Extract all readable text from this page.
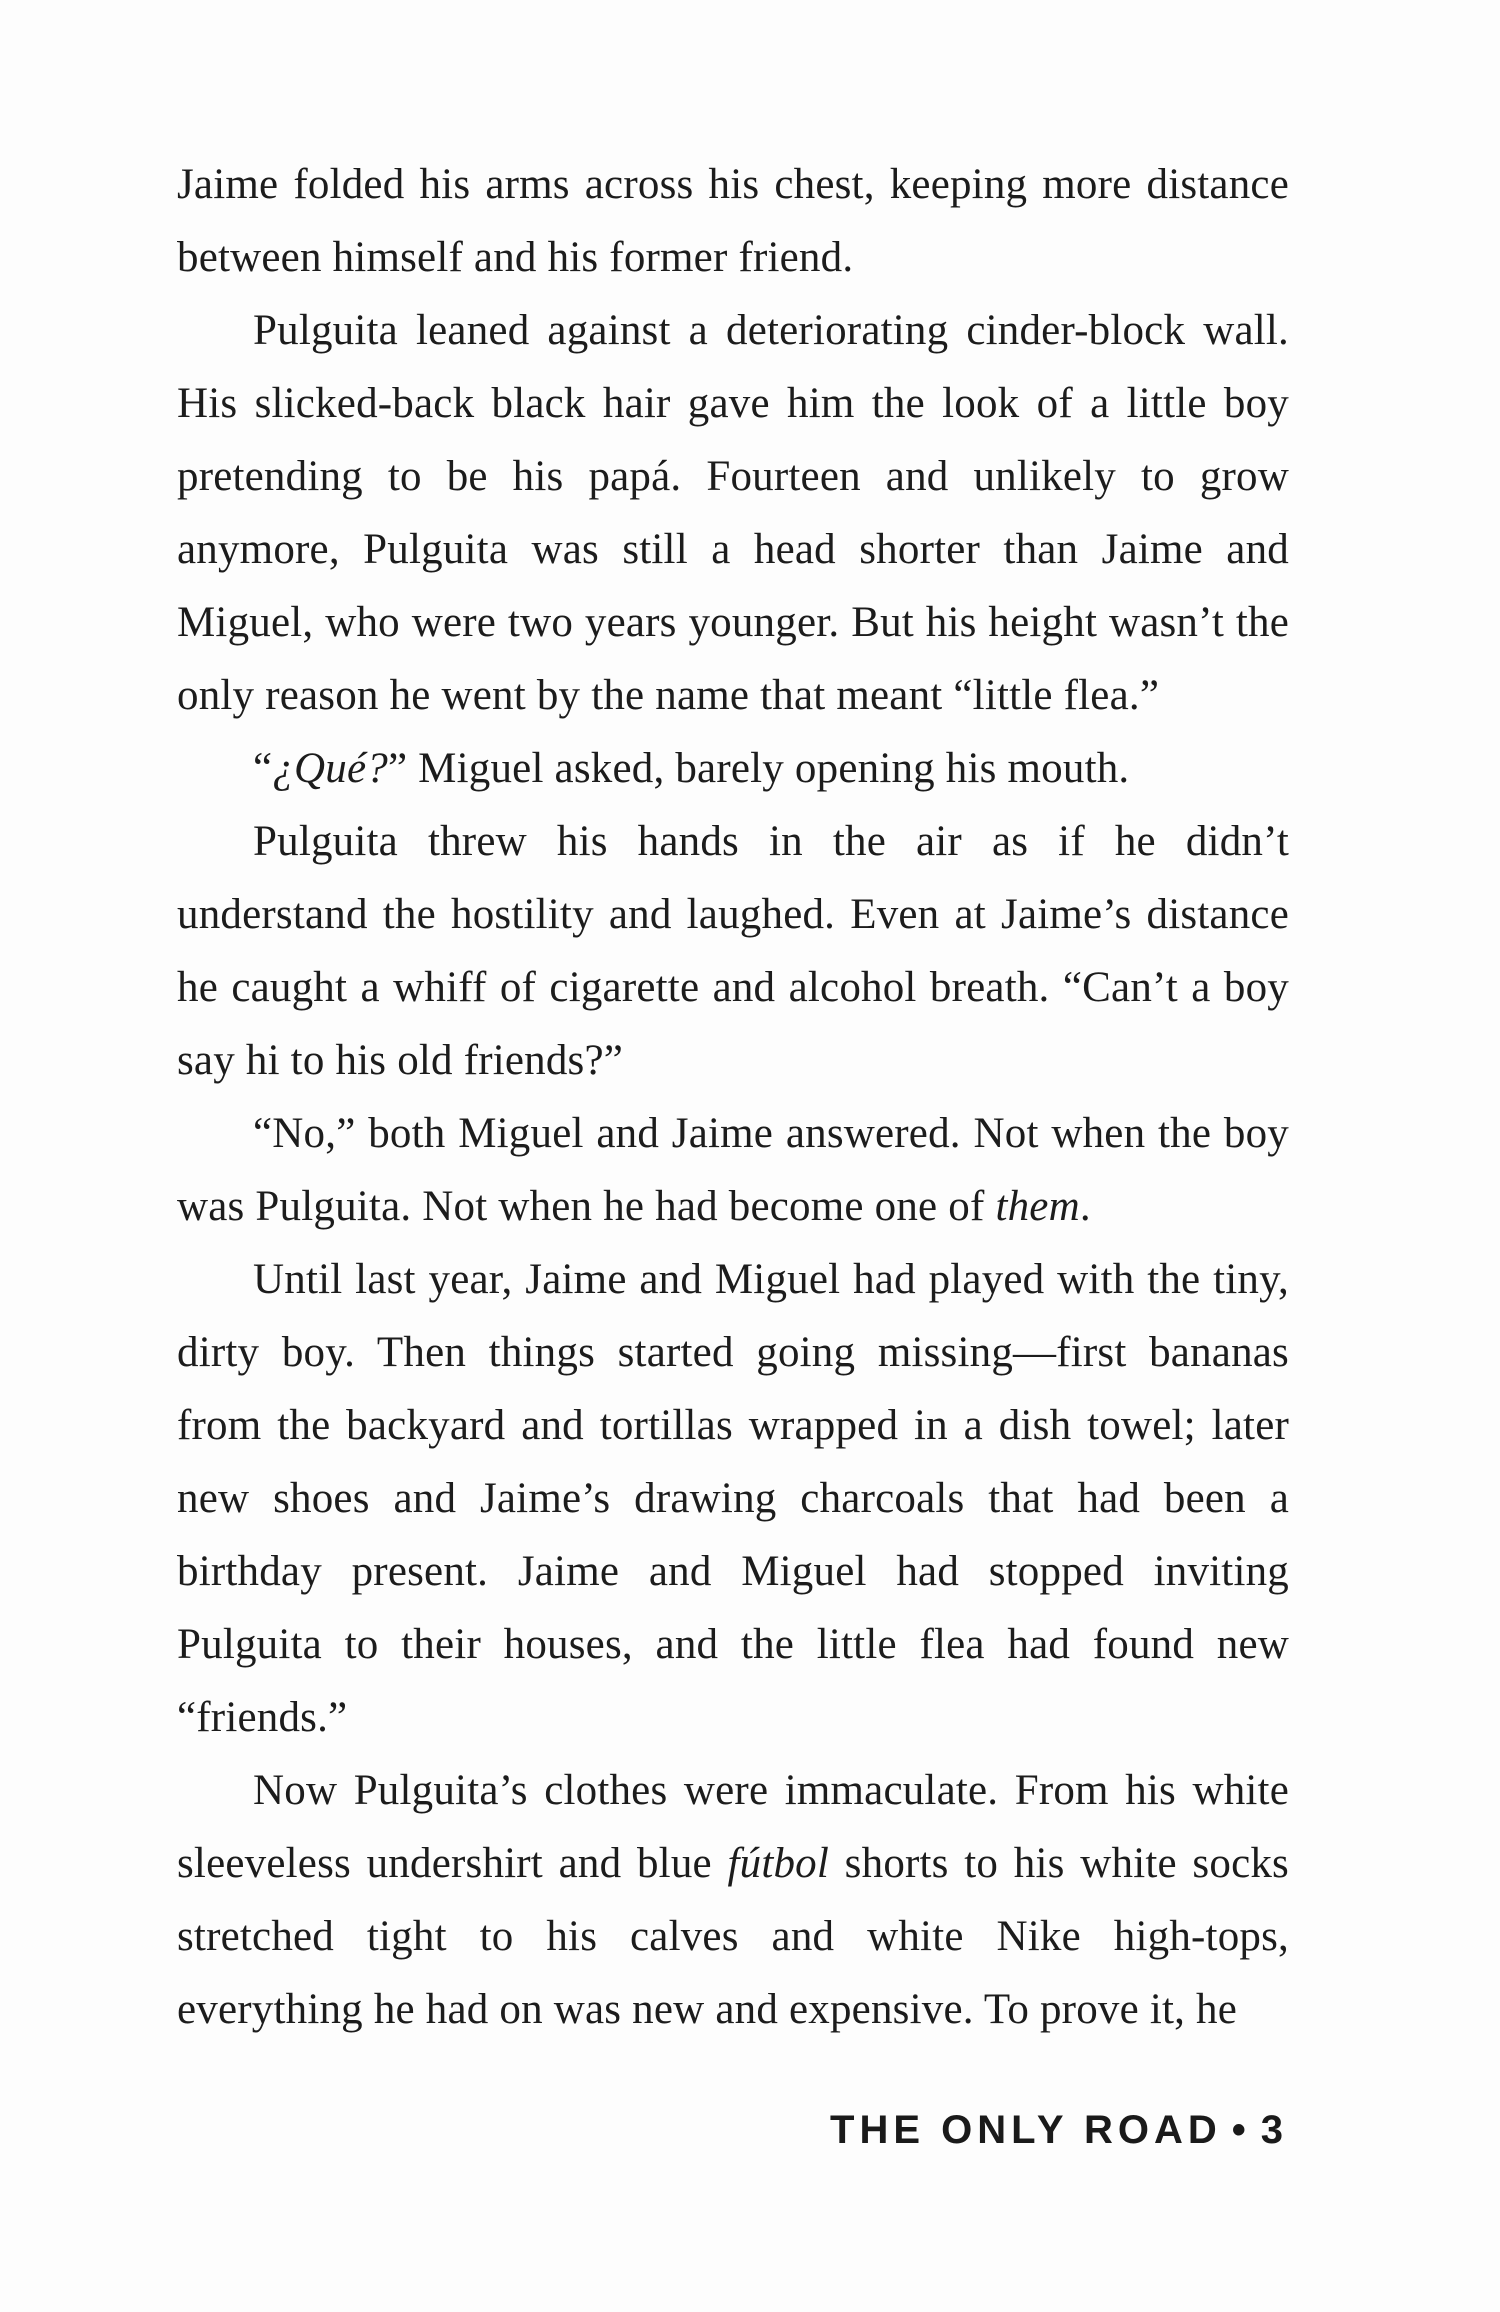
Jaime folded his arms across his chest, keeping more distance between himself and his former friend.

Pulguita leaned against a deteriorating cinder-block wall. His slicked-back black hair gave him the look of a little boy pretending to be his papá. Fourteen and unlikely to grow anymore, Pulguita was still a head shorter than Jaime and Miguel, who were two years younger. But his height wasn’t the only reason he went by the name that meant “little flea.”

“¿Qué?” Miguel asked, barely opening his mouth.

Pulguita threw his hands in the air as if he didn’t understand the hostility and laughed. Even at Jaime’s distance he caught a whiff of cigarette and alcohol breath. “Can’t a boy say hi to his old friends?”

“No,” both Miguel and Jaime answered. Not when the boy was Pulguita. Not when he had become one of them.

Until last year, Jaime and Miguel had played with the tiny, dirty boy. Then things started going missing—first bananas from the backyard and tortillas wrapped in a dish towel; later new shoes and Jaime’s drawing charcoals that had been a birthday present. Jaime and Miguel had stopped inviting Pulguita to their houses, and the little flea had found new “friends.”

Now Pulguita’s clothes were immaculate. From his white sleeveless undershirt and blue fútbol shorts to his white socks stretched tight to his calves and white Nike high-tops, everything he had on was new and expensive. To prove it, he

THE ONLY ROAD • 3
